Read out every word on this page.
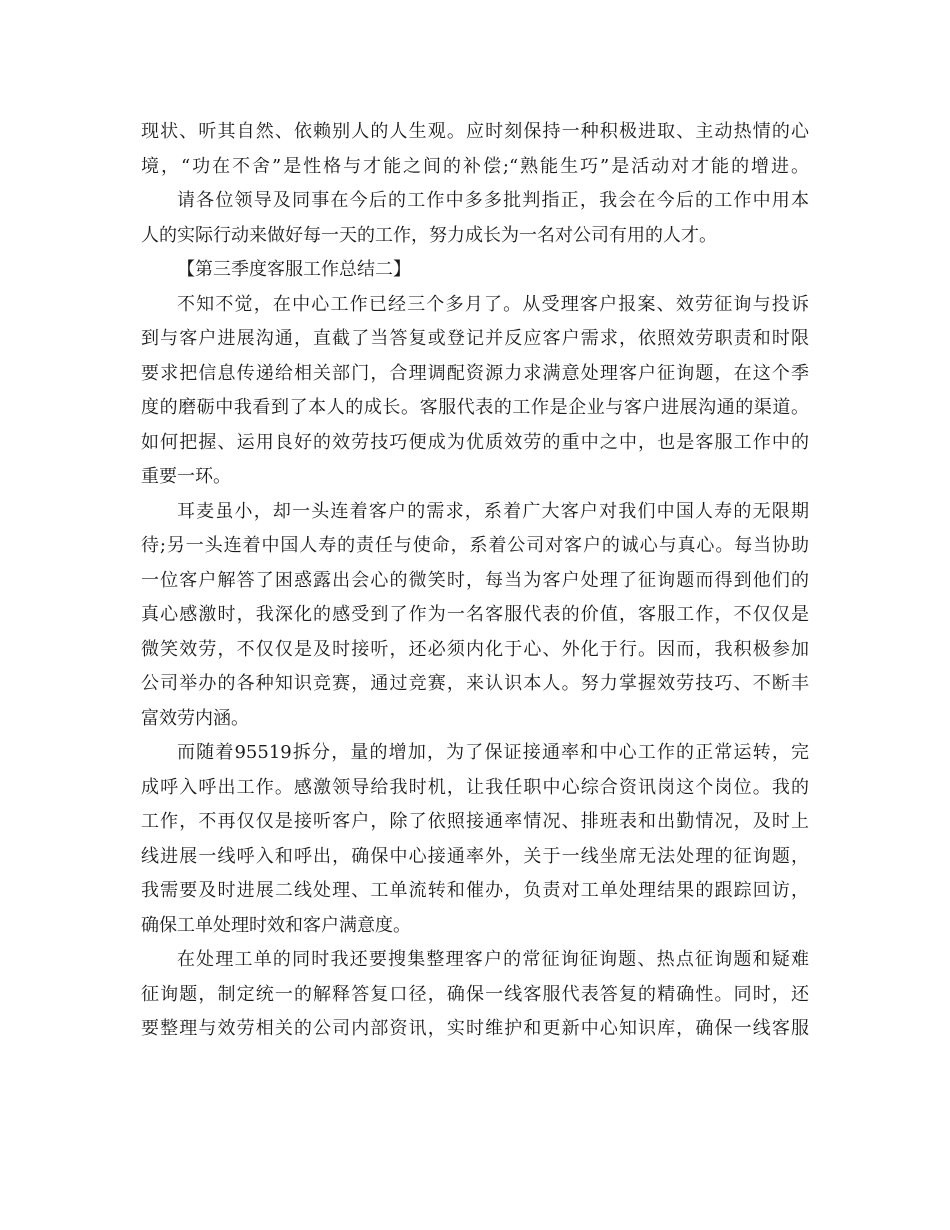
现状、听其自然、依赖别人的人生观。应时刻保持一种积极进取、主动热情的心
境，“功在不舍”是性格与才能之间的补偿;“熟能生巧”是活动对才能的增进。
请各位领导及同事在今后的工作中多多批判指正，我会在今后的工作中用本
人的实际行动来做好每一天的工作，努力成长为一名对公司有用的人才。
【第三季度客服工作总结二】
不知不觉，在中心工作已经三个多月了。从受理客户报案、效劳征询与投诉
到与客户进展沟通，直截了当答复或登记并反应客户需求，依照效劳职责和时限
要求把信息传递给相关部门，合理调配资源力求满意处理客户征询题，在这个季
度的磨砺中我看到了本人的成长。客服代表的工作是企业与客户进展沟通的渠道。
如何把握、运用良好的效劳技巧便成为优质效劳的重中之中，也是客服工作中的
重要一环。
耳麦虽小，却一头连着客户的需求，系着广大客户对我们中国人寿的无限期
待;另一头连着中国人寿的责任与使命，系着公司对客户的诚心与真心。每当协助
一位客户解答了困惑露出会心的微笑时，每当为客户处理了征询题而得到他们的
真心感激时，我深化的感受到了作为一名客服代表的价值，客服工作，不仅仅是
微笑效劳，不仅仅是及时接听，还必须内化于心、外化于行。因而，我积极参加
公司举办的各种知识竞赛，通过竞赛，来认识本人。努力掌握效劳技巧、不断丰
富效劳内涵。
而随着95519拆分，量的增加，为了保证接通率和中心工作的正常运转，完
成呼入呼出工作。感激领导给我时机，让我任职中心综合资讯岗这个岗位。我的
工作，不再仅仅是接听客户，除了依照接通率情况、排班表和出勤情况，及时上
线进展一线呼入和呼出，确保中心接通率外，关于一线坐席无法处理的征询题，
我需要及时进展二线处理、工单流转和催办，负责对工单处理结果的跟踪回访，
确保工单处理时效和客户满意度。
在处理工单的同时我还要搜集整理客户的常征询征询题、热点征询题和疑难
征询题，制定统一的解释答复口径，确保一线客服代表答复的精确性。同时，还
要整理与效劳相关的公司内部资讯，实时维护和更新中心知识库，确保一线客服
